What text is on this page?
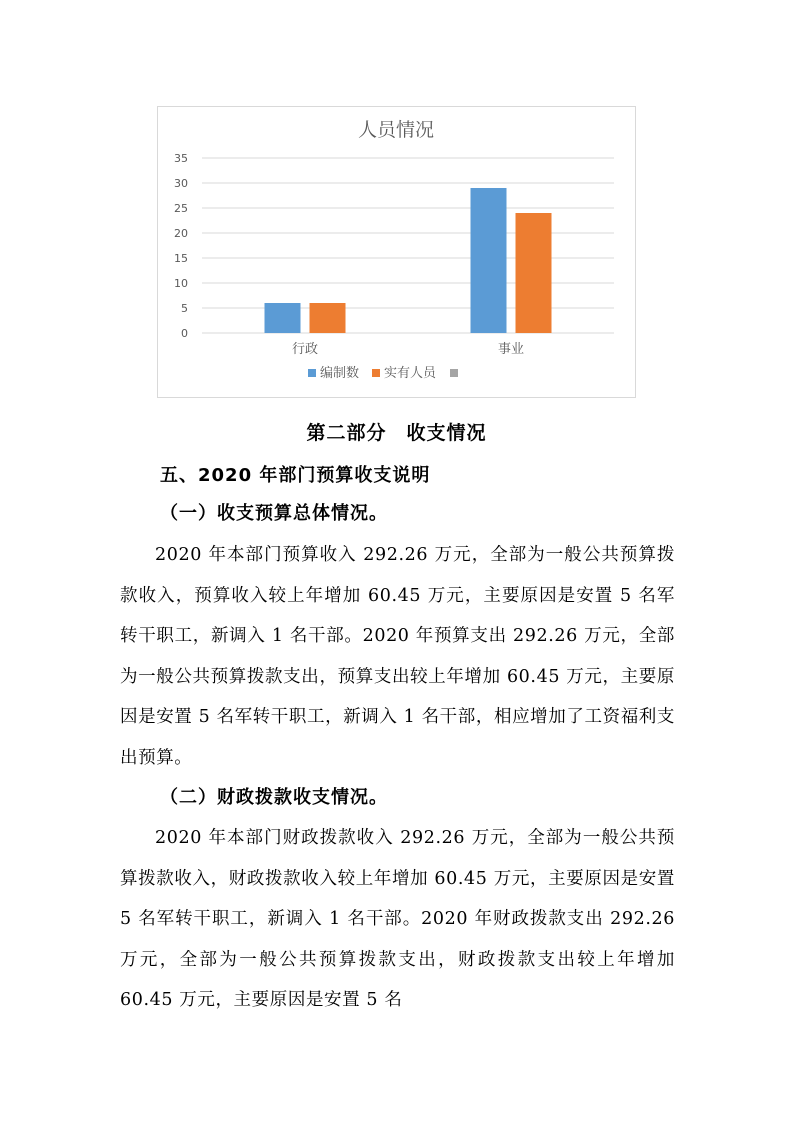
人员情况
0
5
10
15
20
25
30
35
行政	事业
编制数 实有人员
第二部分　收支情况
五、2020 年部门预算收支说明
（一）收支预算总体情况。

2020 年本部门预算收入 292.26 万元，全部为一般公共预算拨款收入，预算收入较上年增加 60.45 万元，主要原因是安置 5 名军转干职工，新调入 1 名干部。2020 年预算支出 292.26 万元，全部为一般公共预算拨款支出，预算支出较上年增加 60.45 万元，主要原因是安置 5 名军转干职工，新调入 1 名干部，相应增加了工资福利支出预算。

（二）财政拨款收支情况。

2020 年本部门财政拨款收入 292.26 万元，全部为一般公共预算拨款收入，财政拨款收入较上年增加 60.45 万元，主要原因是安置 5 名军转干职工，新调入 1 名干部。2020 年财政拨款支出 292.26 万元，全部为一般公共预算拨款支出，财政拨款支出较上年增加 60.45 万元，主要原因是安置 5 名
